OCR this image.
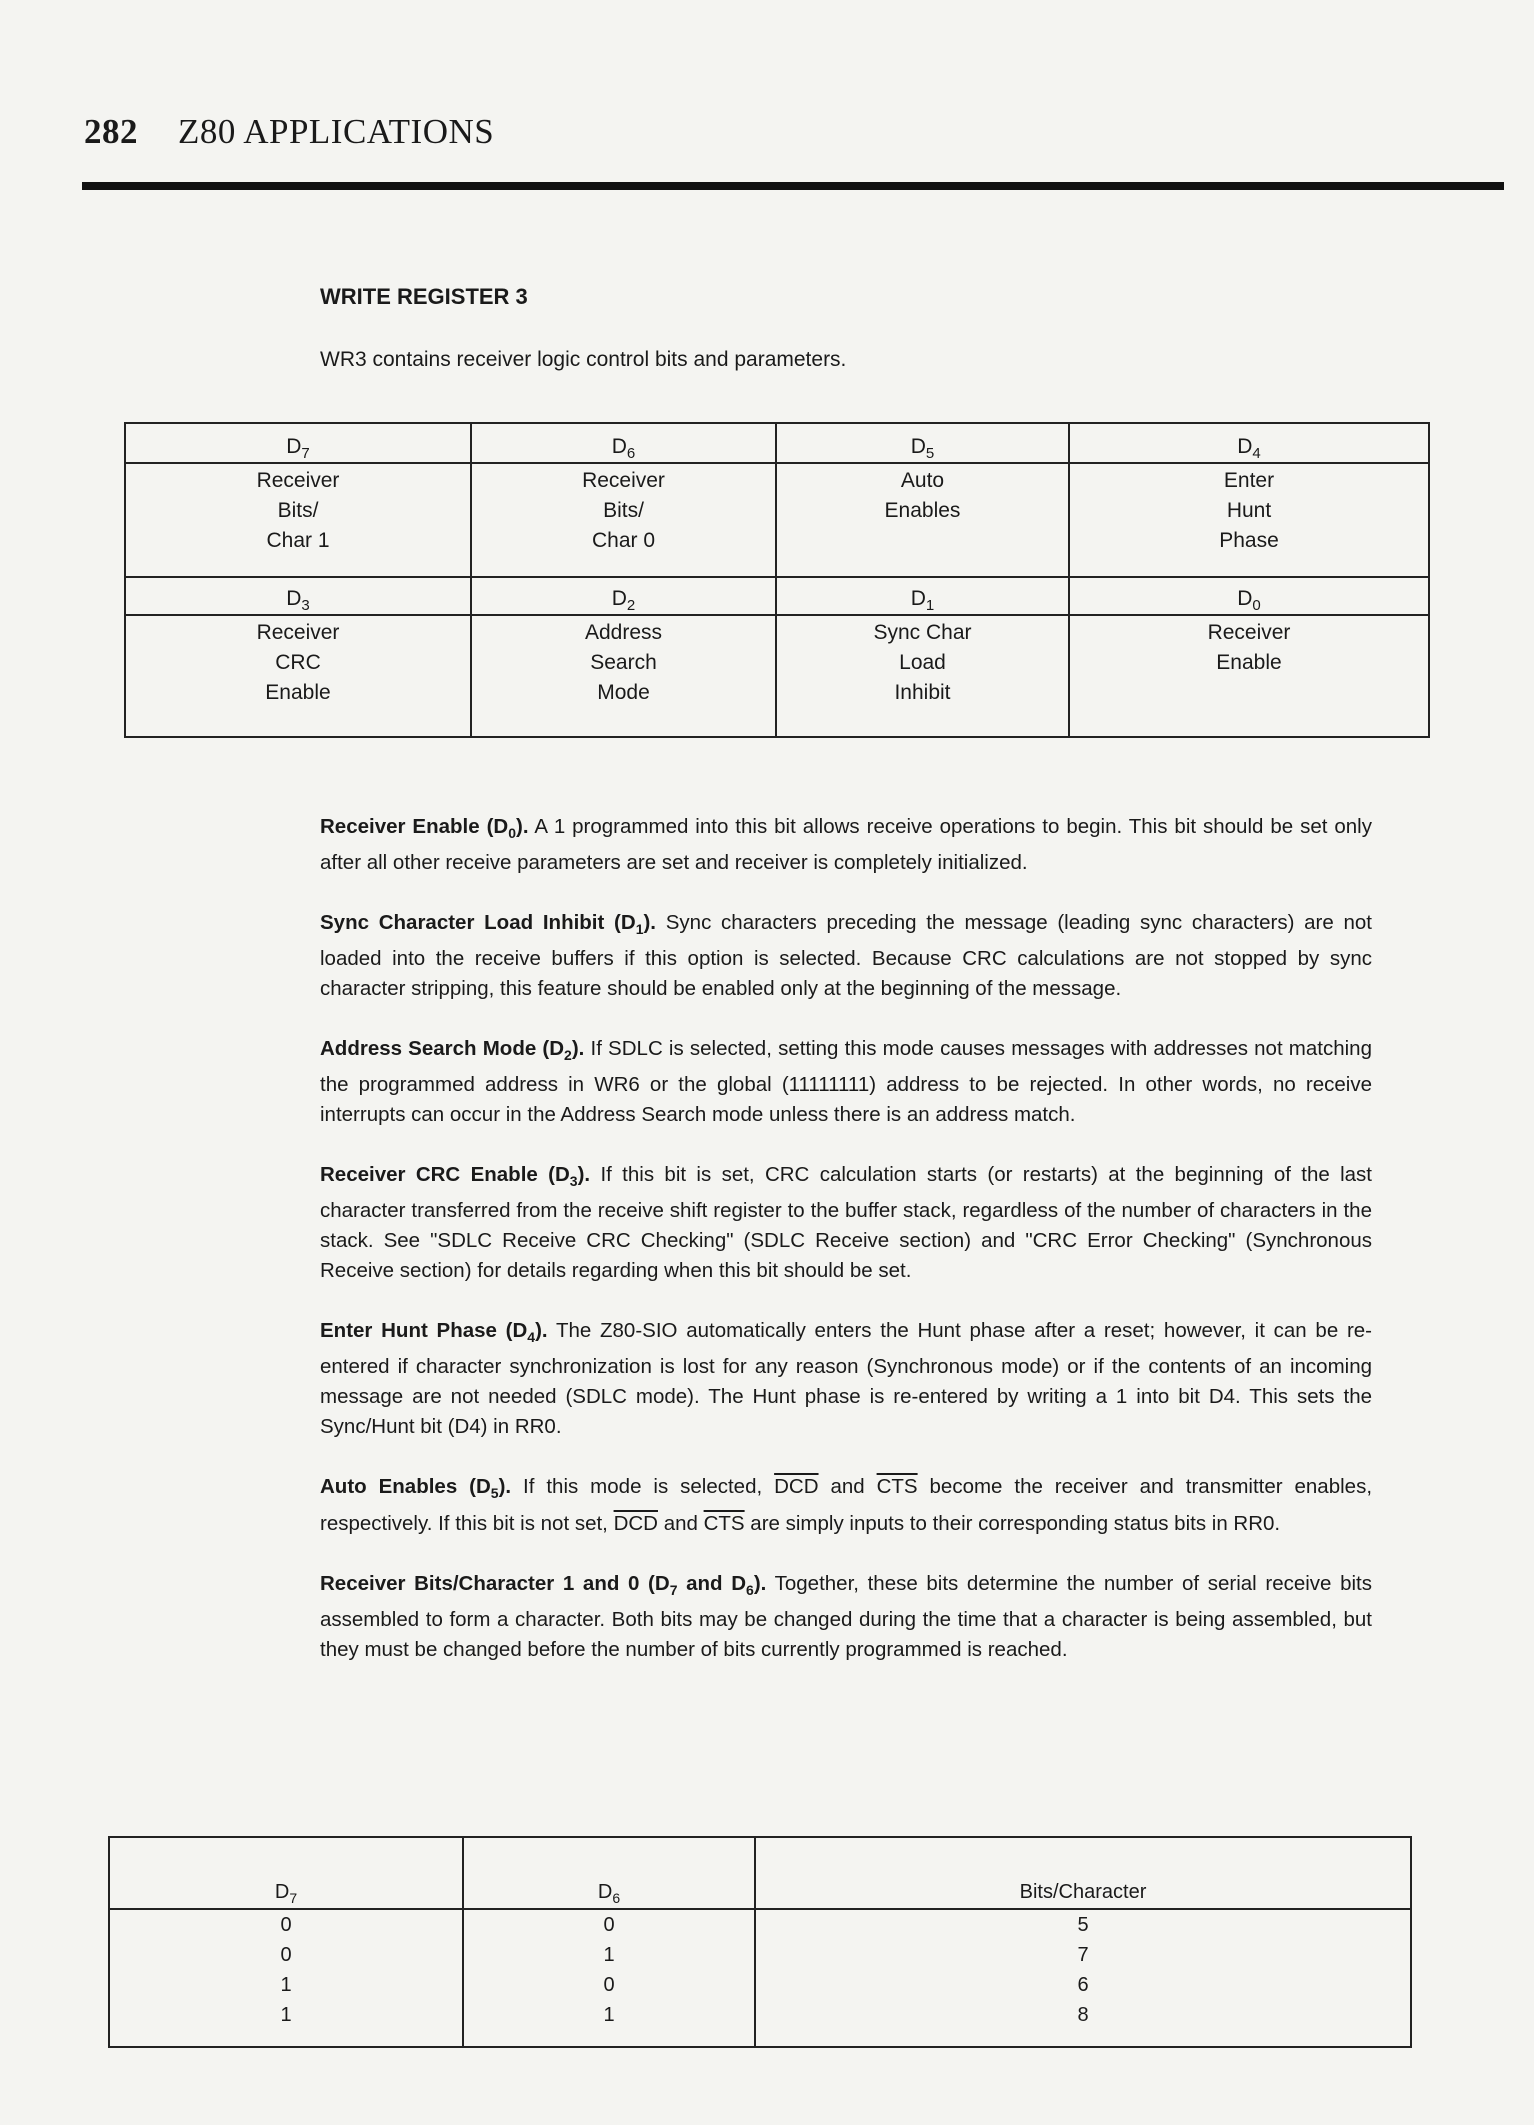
282 Z80 APPLICATIONS
WRITE REGISTER 3
WR3 contains receiver logic control bits and parameters.
$D_7$
Receiver
Bits/
Char 1
$D_6$
Receiver
Bits/
Char 0
$D_5$
Auto
Enables
$D_4$
Enter
Hunt
Phase
$D_3$
Receiver
CRC
Enable
$D_2$
Address
Search
Mode
$D_1$
Sync Char
Load
Inhibit
$D_0$
Receiver
Enable

Receiver Enable $(D_0)$. A 1 programmed into this bit allows receive operations to begin. This bit should be set only after all other receive parameters are set and receiver is completely initialized.

Sync Character Load Inhibit $(D_1)$. Sync characters preceding the message (leading sync characters) are not loaded into the receive buffers if this option is selected. Because CRC calculations are not stopped by sync character stripping, this feature should be enabled only at the beginning of the message.

Address Search Mode $(D_2)$. If SDLC is selected, setting this mode causes messages with addresses not matching the programmed address in WR6 or the global (11111111) address to be rejected. In other words, no receive interrupts can occur in the Address Search mode unless there is an address match.

Receiver CRC Enable $(D_3)$. If this bit is set, CRC calculation starts (or restarts) at the beginning of the last character transferred from the receive shift register to the buffer stack, regardless of the number of characters in the stack. See "SDLC Receive CRC Checking" (SDLC Receive section) and "CRC Error Checking" (Synchronous Receive section) for details regarding when this bit should be set.

Enter Hunt Phase $(D_4)$. The Z80-SIO automatically enters the Hunt phase after a reset; however, it can be re-entered if character synchronization is lost for any reason (Synchronous mode) or if the contents of an incoming message are not needed (SDLC mode). The Hunt phase is re-entered by writing a 1 into bit D4. This sets the Sync/Hunt bit (D4) in RR0.

Auto Enables $(D_5)$. If this mode is selected, $\overline{DCD}$ and $\overline{CTS}$ become the receiver and transmitter enables, respectively. If this bit is not set, $\overline{DCD}$ and $\overline{CTS}$ are simply inputs to their corresponding status bits in RR0.

Receiver Bits/Character 1 and 0 ($D_7$ and $D_6$). Together, these bits determine the number of serial receive bits assembled to form a character. Both bits may be changed during the time that a character is being assembled, but they must be changed before the number of bits currently programmed is reached.

$D_7$
0
0
1
1
$D_6$
0
1
0
1
Bits/Character
5
7
6
8
